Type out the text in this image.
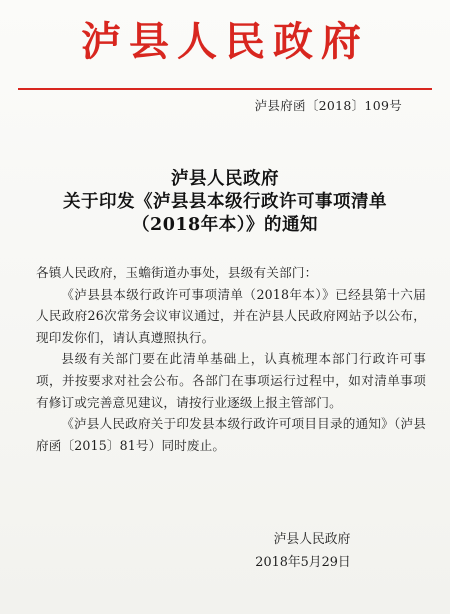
泸县人民政府
泸县府函〔2018〕109号
泸县人民政府
关于印发《泸县县本级行政许可事项清单
（2018年本）》的通知

各镇人民政府，玉蟾街道办事处，县级有关部门：

《泸县县本级行政许可事项清单（2018年本）》已经县第十六届人民政府26次常务会议审议通过，并在泸县人民政府网站予以公布，现印发你们，请认真遵照执行。

县级有关部门要在此清单基础上，认真梳理本部门行政许可事项，并按要求对社会公布。各部门在事项运行过程中，如对清单事项有修订或完善意见建议，请按行业逐级上报主管部门。

《泸县人民政府关于印发县本级行政许可项目目录的通知》（泸县府函〔2015〕81号）同时废止。

泸县人民政府
2018年5月29日
